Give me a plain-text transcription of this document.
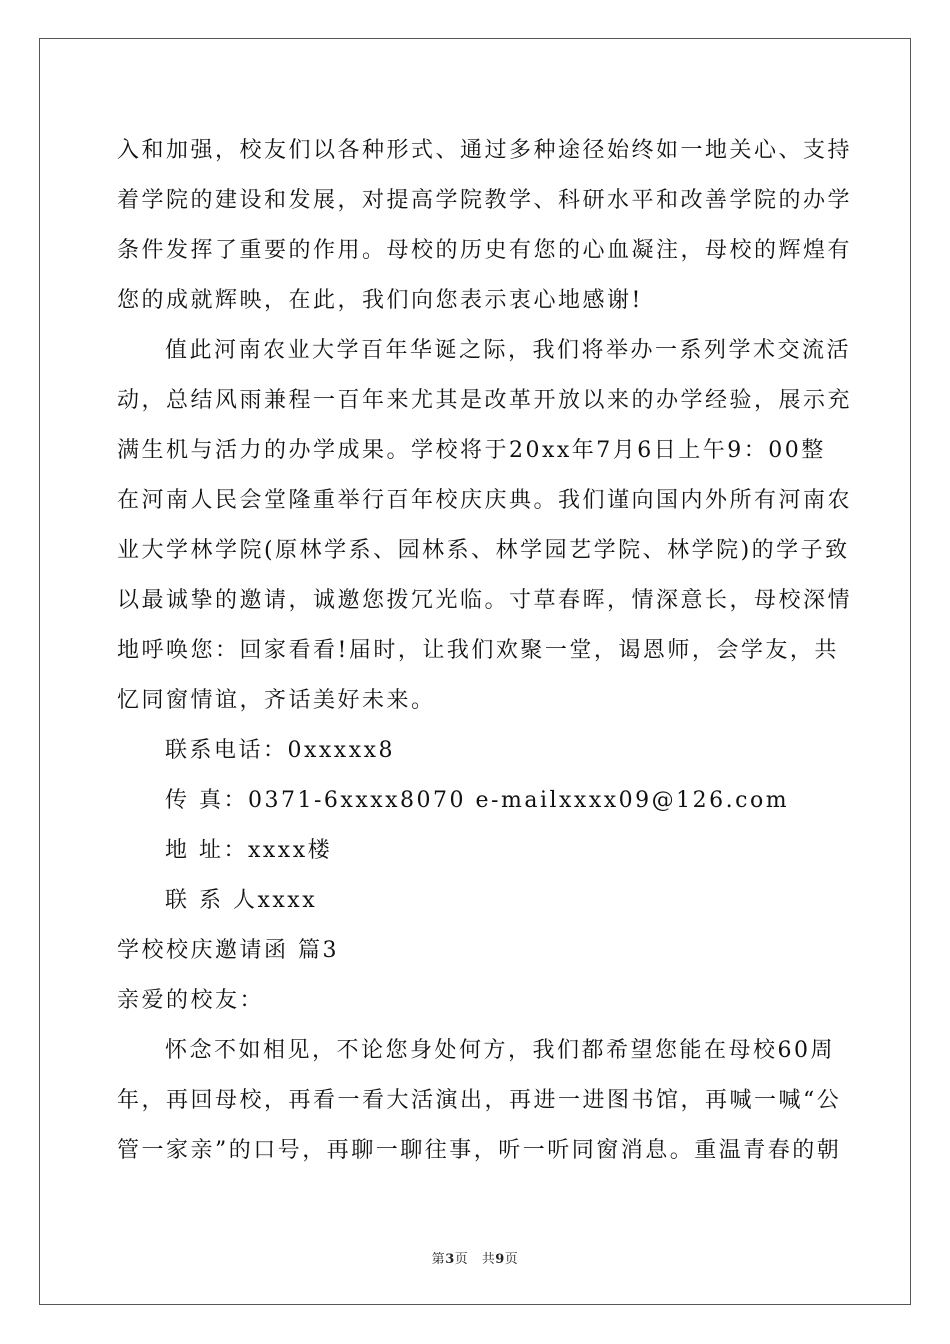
入和加强，校友们以各种形式、通过多种途径始终如一地关心、支持
着学院的建设和发展，对提高学院教学、科研水平和改善学院的办学
条件发挥了重要的作用。母校的历史有您的心血凝注，母校的辉煌有
您的成就辉映，在此，我们向您表示衷心地感谢!
值此河南农业大学百年华诞之际，我们将举办一系列学术交流活
动，总结风雨兼程一百年来尤其是改革开放以来的办学经验，展示充
满生机与活力的办学成果。学校将于20xx年7月6日上午9：00整
在河南人民会堂隆重举行百年校庆庆典。我们谨向国内外所有河南农
业大学林学院(原林学系、园林系、林学园艺学院、林学院)的学子致
以最诚挚的邀请，诚邀您拨冗光临。寸草春晖，情深意长，母校深情
地呼唤您：回家看看!届时，让我们欢聚一堂，谒恩师，会学友，共
忆同窗情谊，齐话美好未来。
联系电话：0xxxxx8
传 真：0371-6xxxx8070 e-mailxxxx09@126.com
地 址：xxxx楼
联 系 人xxxx
学校校庆邀请函 篇3
亲爱的校友：
怀念不如相见，不论您身处何方，我们都希望您能在母校60周
年，再回母校，再看一看大活演出，再进一进图书馆，再喊一喊“公
管一家亲”的口号，再聊一聊往事，听一听同窗消息。重温青春的朝
第3页　共9页
